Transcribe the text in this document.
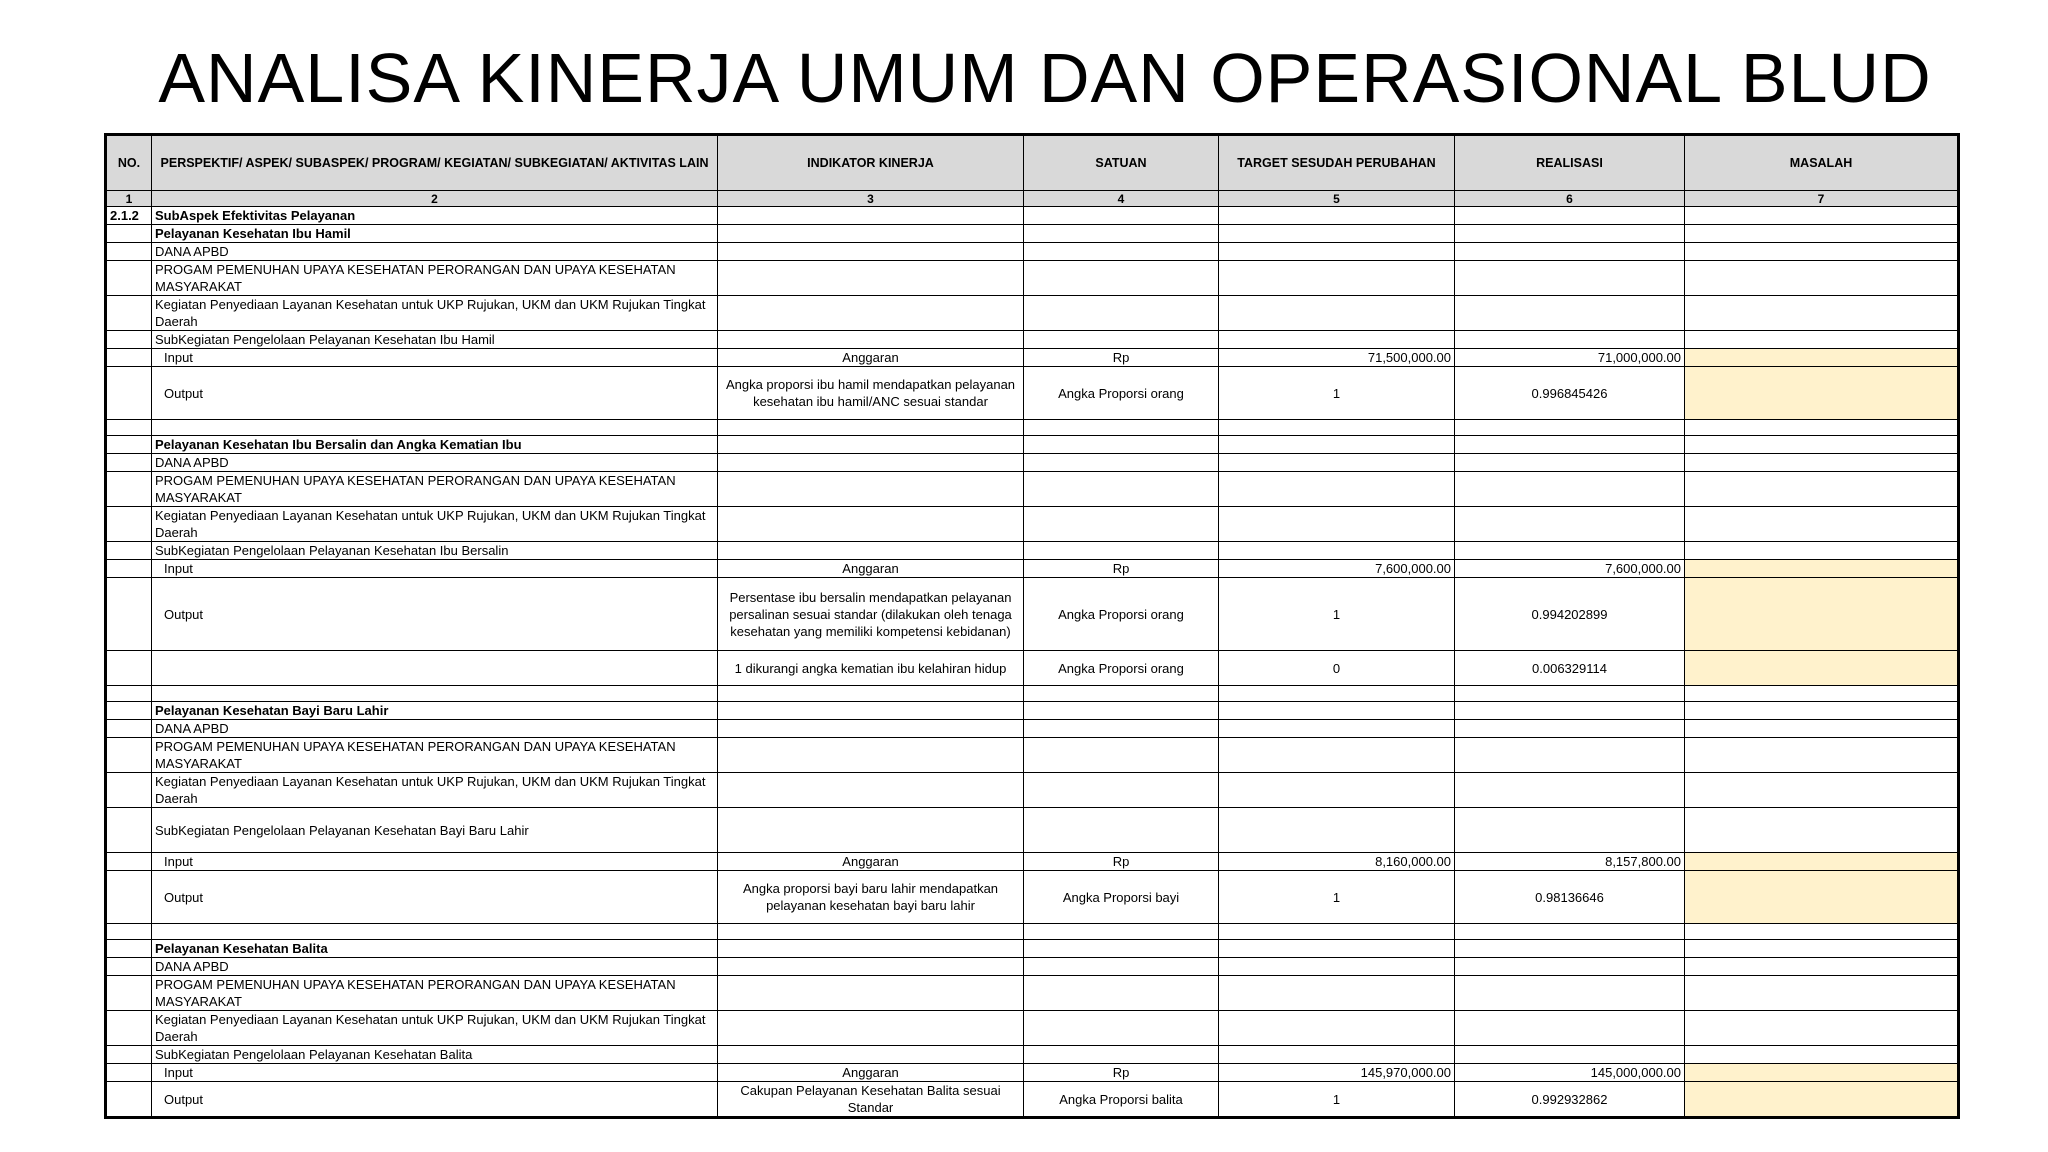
ANALISA KINERJA UMUM DAN OPERASIONAL BLUD
NO.	PERSPEKTIF/ ASPEK/ SUBASPEK/ PROGRAM/ KEGIATAN/ SUBKEGIATAN/ AKTIVITAS LAIN	INDIKATOR KINERJA	SATUAN	TARGET SESUDAH PERUBAHAN	REALISASI	MASALAH
1	2	3	4	5	6	7
2.1.2	SubAspek Efektivitas Pelayanan					
	Pelayanan Kesehatan Ibu Hamil					
	DANA APBD					
	PROGAM PEMENUHAN UPAYA KESEHATAN PERORANGAN DAN UPAYA KESEHATAN MASYARAKAT					
	Kegiatan Penyediaan Layanan Kesehatan untuk UKP Rujukan, UKM dan UKM Rujukan Tingkat Daerah					
	SubKegiatan Pengelolaan Pelayanan Kesehatan Ibu Hamil					
	Input	Anggaran	Rp	71,500,000.00	71,000,000.00	
	Output	Angka proporsi ibu hamil mendapatkan pelayanan kesehatan ibu hamil/ANC sesuai standar	Angka Proporsi orang	1	0.996845426	

	Pelayanan Kesehatan Ibu Bersalin dan Angka Kematian Ibu					
	DANA APBD					
	PROGAM PEMENUHAN UPAYA KESEHATAN PERORANGAN DAN UPAYA KESEHATAN MASYARAKAT					
	Kegiatan Penyediaan Layanan Kesehatan untuk UKP Rujukan, UKM dan UKM Rujukan Tingkat Daerah					
	SubKegiatan Pengelolaan Pelayanan Kesehatan Ibu Bersalin					
	Input	Anggaran	Rp	7,600,000.00	7,600,000.00	
	Output	Persentase ibu bersalin mendapatkan pelayanan persalinan sesuai standar (dilakukan oleh tenaga kesehatan yang memiliki kompetensi kebidanan)	Angka Proporsi orang	1	0.994202899	
		1 dikurangi angka kematian ibu kelahiran hidup	Angka Proporsi orang	0	0.006329114	

	Pelayanan Kesehatan Bayi Baru Lahir					
	DANA APBD					
	PROGAM PEMENUHAN UPAYA KESEHATAN PERORANGAN DAN UPAYA KESEHATAN MASYARAKAT					
	Kegiatan Penyediaan Layanan Kesehatan untuk UKP Rujukan, UKM dan UKM Rujukan Tingkat Daerah					
	SubKegiatan Pengelolaan Pelayanan Kesehatan Bayi Baru Lahir					
	Input	Anggaran	Rp	8,160,000.00	8,157,800.00	
	Output	Angka proporsi bayi baru lahir mendapatkan pelayanan kesehatan bayi baru lahir	Angka Proporsi bayi	1	0.98136646	

	Pelayanan Kesehatan Balita					
	DANA APBD					
	PROGAM PEMENUHAN UPAYA KESEHATAN PERORANGAN DAN UPAYA KESEHATAN MASYARAKAT					
	Kegiatan Penyediaan Layanan Kesehatan untuk UKP Rujukan, UKM dan UKM Rujukan Tingkat Daerah					
	SubKegiatan Pengelolaan Pelayanan Kesehatan Balita					
	Input	Anggaran	Rp	145,970,000.00	145,000,000.00	
	Output	Cakupan Pelayanan Kesehatan Balita sesuai Standar	Angka Proporsi balita	1	0.992932862	
